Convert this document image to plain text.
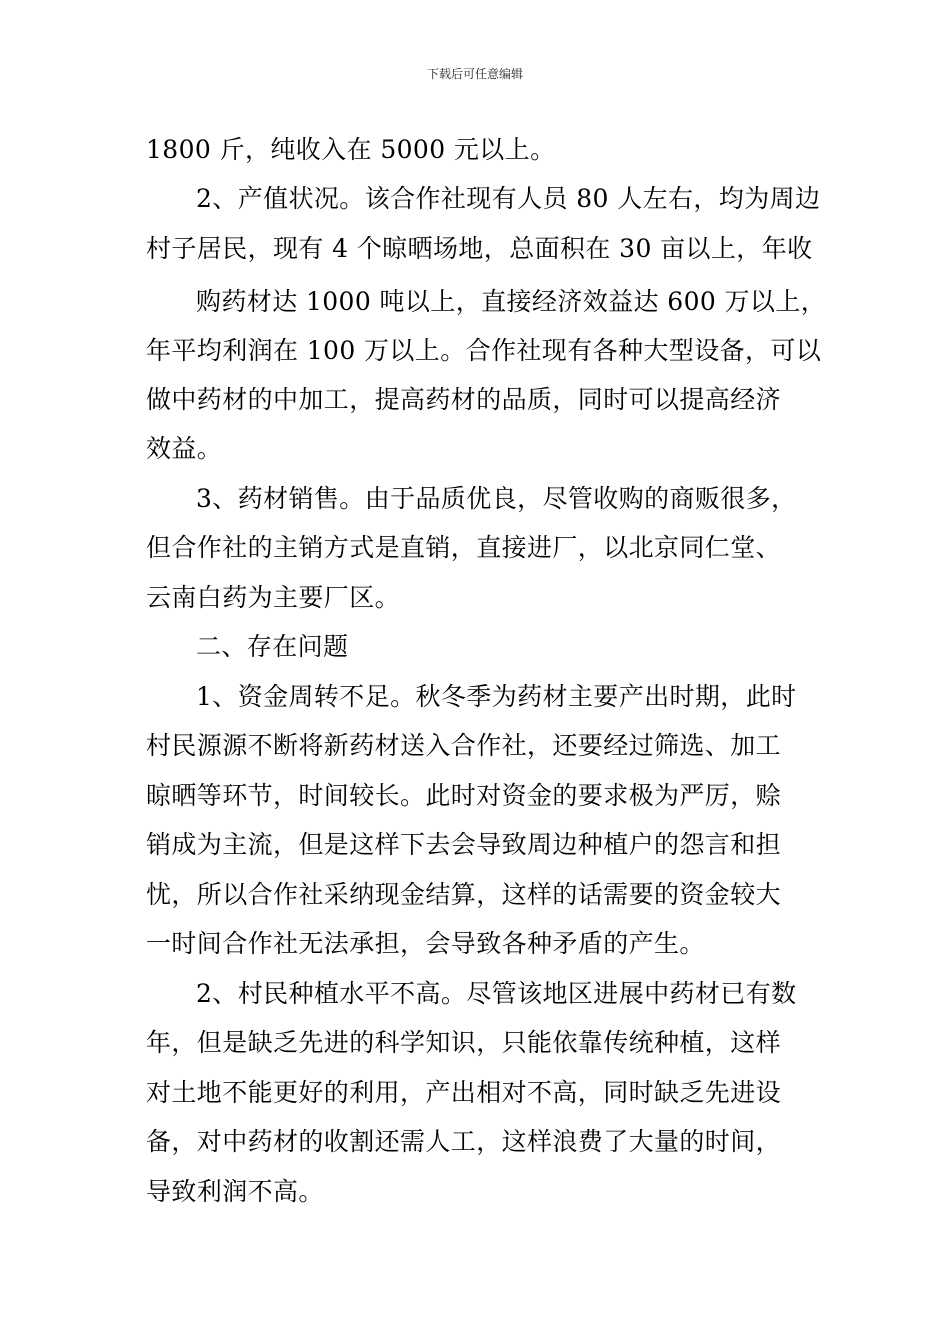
下载后可任意编辑
1800 斤，纯收入在 5000 元以上。
2、产值状况。该合作社现有人员 80 人左右，均为周边
村子居民，现有 4 个晾晒场地，总面积在 30 亩以上，年收
购药材达 1000 吨以上，直接经济效益达 600 万以上，
年平均利润在 100 万以上。合作社现有各种大型设备，可以
做中药材的中加工，提高药材的品质，同时可以提高经济
效益。
3、药材销售。由于品质优良，尽管收购的商贩很多，
但合作社的主销方式是直销，直接进厂，以北京同仁堂、
云南白药为主要厂区。
二、存在问题
1、资金周转不足。秋冬季为药材主要产出时期，此时
村民源源不断将新药材送入合作社，还要经过筛选、加工
晾晒等环节，时间较长。此时对资金的要求极为严厉，赊
销成为主流，但是这样下去会导致周边种植户的怨言和担
忧，所以合作社采纳现金结算，这样的话需要的资金较大
一时间合作社无法承担，会导致各种矛盾的产生。
2、村民种植水平不高。尽管该地区进展中药材已有数
年，但是缺乏先进的科学知识，只能依靠传统种植，这样
对土地不能更好的利用，产出相对不高，同时缺乏先进设
备，对中药材的收割还需人工，这样浪费了大量的时间，
导致利润不高。
